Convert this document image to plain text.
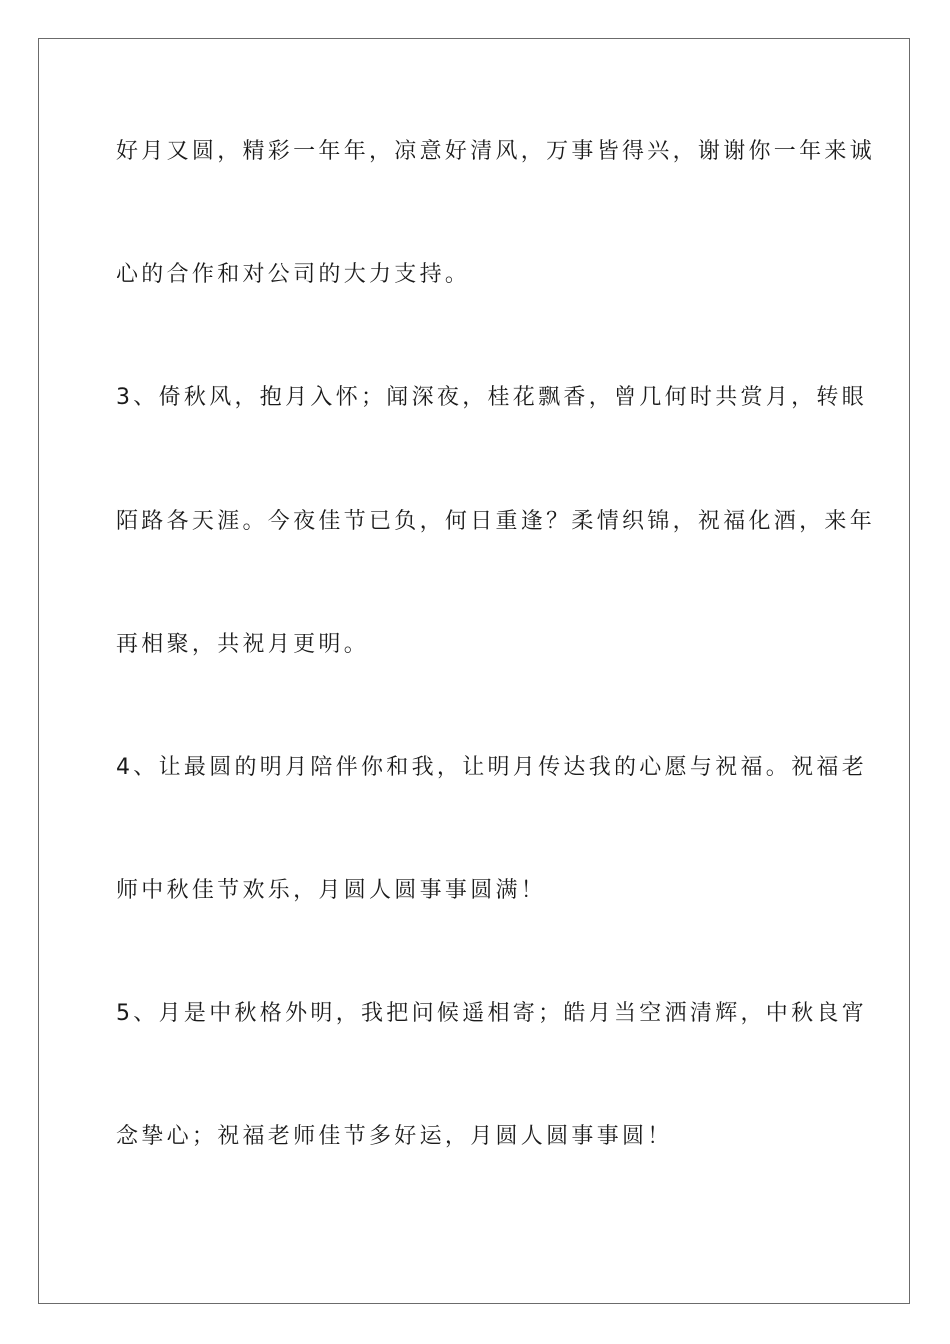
好月又圆，精彩一年年，凉意好清风，万事皆得兴，谢谢你一年来诚
心的合作和对公司的大力支持。
3、倚秋风，抱月入怀；闻深夜，桂花飘香，曾几何时共赏月，转眼
陌路各天涯。今夜佳节已负，何日重逢？柔情织锦，祝福化酒，来年
再相聚，共祝月更明。
4、让最圆的明月陪伴你和我，让明月传达我的心愿与祝福。祝福老
师中秋佳节欢乐，月圆人圆事事圆满！
5、月是中秋格外明，我把问候遥相寄；皓月当空洒清辉，中秋良宵
念挚心；祝福老师佳节多好运，月圆人圆事事圆！
